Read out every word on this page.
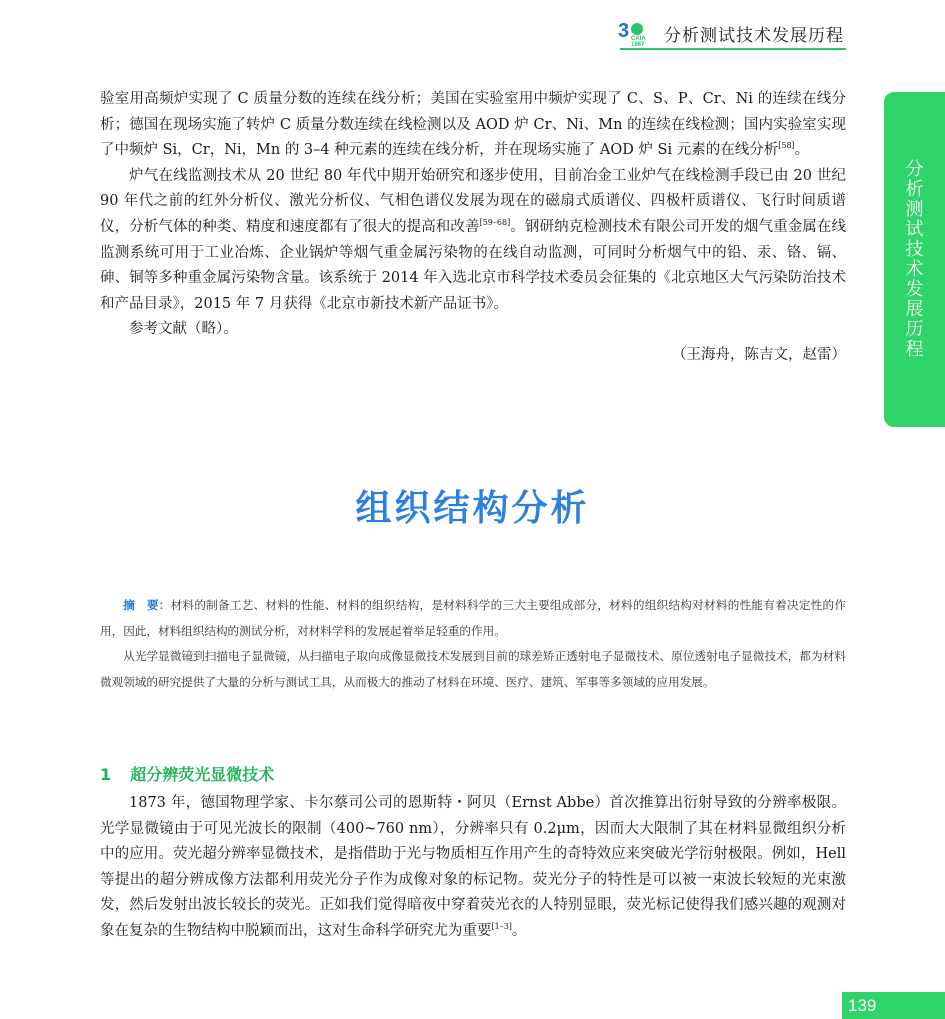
3 CAIA 1987	分析测试技术发展历程
分
析
测
试
技
术
发
展
历
程

验室用高频炉实现了 C 质量分数的连续在线分析；美国在实验室用中频炉实现了 C、S、P、Cr、Ni 的连续在线分析；德国在现场实施了转炉 C 质量分数连续在线检测以及 AOD 炉 Cr、Ni、Mn 的连续在线检测；国内实验室实现了中频炉 Si，Cr，Ni，Mn 的 3–4 种元素的连续在线分析，并在现场实施了 AOD 炉 Si 元素的在线分析[58]。

炉气在线监测技术从 20 世纪 80 年代中期开始研究和逐步使用，目前冶金工业炉气在线检测手段已由 20 世纪 90 年代之前的红外分析仪、激光分析仪、气相色谱仪发展为现在的磁扇式质谱仪、四极杆质谱仪、飞行时间质谱仪，分析气体的种类、精度和速度都有了很大的提高和改善[59–68]。钢研纳克检测技术有限公司开发的烟气重金属在线监测系统可用于工业冶炼、企业锅炉等烟气重金属污染物的在线自动监测，可同时分析烟气中的铅、汞、铬、镉、砷、铜等多种重金属污染物含量。该系统于 2014 年入选北京市科学技术委员会征集的《北京地区大气污染防治技术和产品目录》，2015 年 7 月获得《北京市新技术新产品证书》。

参考文献（略）。

（王海舟，陈吉文，赵雷）

组织结构分析

摘　要：材料的制备工艺、材料的性能、材料的组织结构，是材料科学的三大主要组成部分，材料的组织结构对材料的性能有着决定性的作用，因此，材料组织结构的测试分析，对材料学科的发展起着举足轻重的作用。

从光学显微镜到扫描电子显微镜，从扫描电子取向成像显微技术发展到目前的球差矫正透射电子显微技术、原位透射电子显微技术，都为材料微观领域的研究提供了大量的分析与测试工具，从而极大的推动了材料在环境、医疗、建筑、军事等多领域的应用发展。

1 超分辨荧光显微技术

1873 年，德国物理学家、卡尔蔡司公司的恩斯特・阿贝（Ernst Abbe）首次推算出衍射导致的分辨率极限。光学显微镜由于可见光波长的限制（400~760 nm），分辨率只有 0.2μm，因而大大限制了其在材料显微组织分析中的应用。荧光超分辨率显微技术，是指借助于光与物质相互作用产生的奇特效应来突破光学衍射极限。例如，Hell 等提出的超分辨成像方法都利用荧光分子作为成像对象的标记物。荧光分子的特性是可以被一束波长较短的光束激发，然后发射出波长较长的荧光。正如我们觉得暗夜中穿着荧光衣的人特别显眼，荧光标记使得我们感兴趣的观测对象在复杂的生物结构中脱颖而出，这对生命科学研究尤为重要[1–3]。

139
